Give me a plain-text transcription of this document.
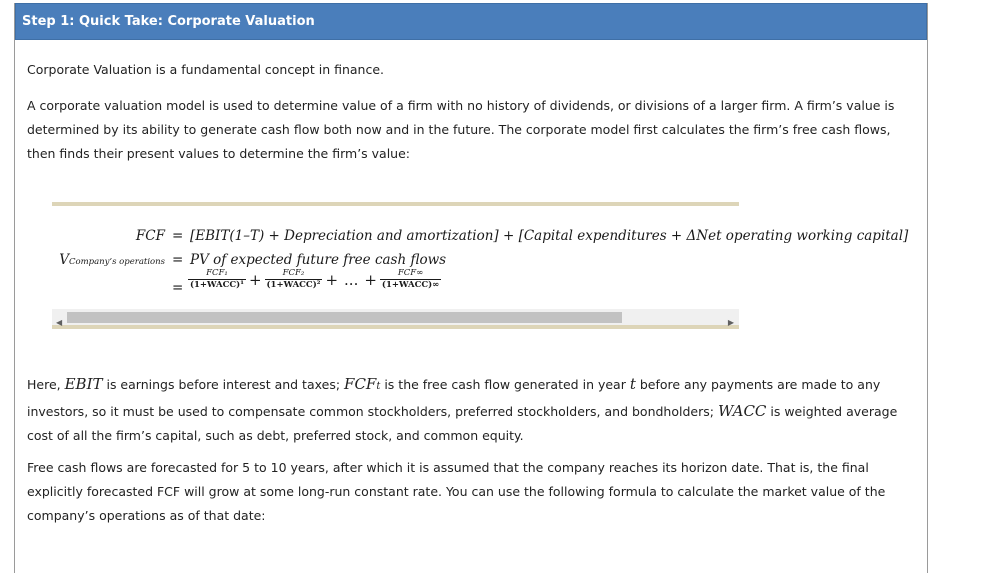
Step 1: Quick Take: Corporate Valuation

Corporate Valuation is a fundamental concept in finance.

A corporate valuation model is used to determine value of a firm with no history of dividends, or divisions of a larger firm. A firm’s value is determined by its ability to generate cash flow both now and in the future. The corporate model first calculates the firm’s free cash flows, then finds their present values to determine the firm’s value:

FCF = [EBIT(1–T) + Depreciation and amortization] + [Capital expenditures + ΔNet operating working capital]
VCompany’s operations = PV of expected future free cash flows
= $\frac{\text{FCF₁}}{\text{(1+WACC)¹}} + \frac{\text{FCF₂}}{\text{(1+WACC)²}}$ + ... + $\frac{\text{FCF∞}}{\text{(1+WACC)∞}}$
◀	▶

Here, EBIT is earnings before interest and taxes; FCFt is the free cash flow generated in year t before any payments are made to any investors, so it must be used to compensate common stockholders, preferred stockholders, and bondholders; WACC is weighted average cost of all the firm’s capital, such as debt, preferred stock, and common equity.

Free cash flows are forecasted for 5 to 10 years, after which it is assumed that the company reaches its horizon date. That is, the final explicitly forecasted FCF will grow at some long-run constant rate. You can use the following formula to calculate the market value of the company’s operations as of that date:
